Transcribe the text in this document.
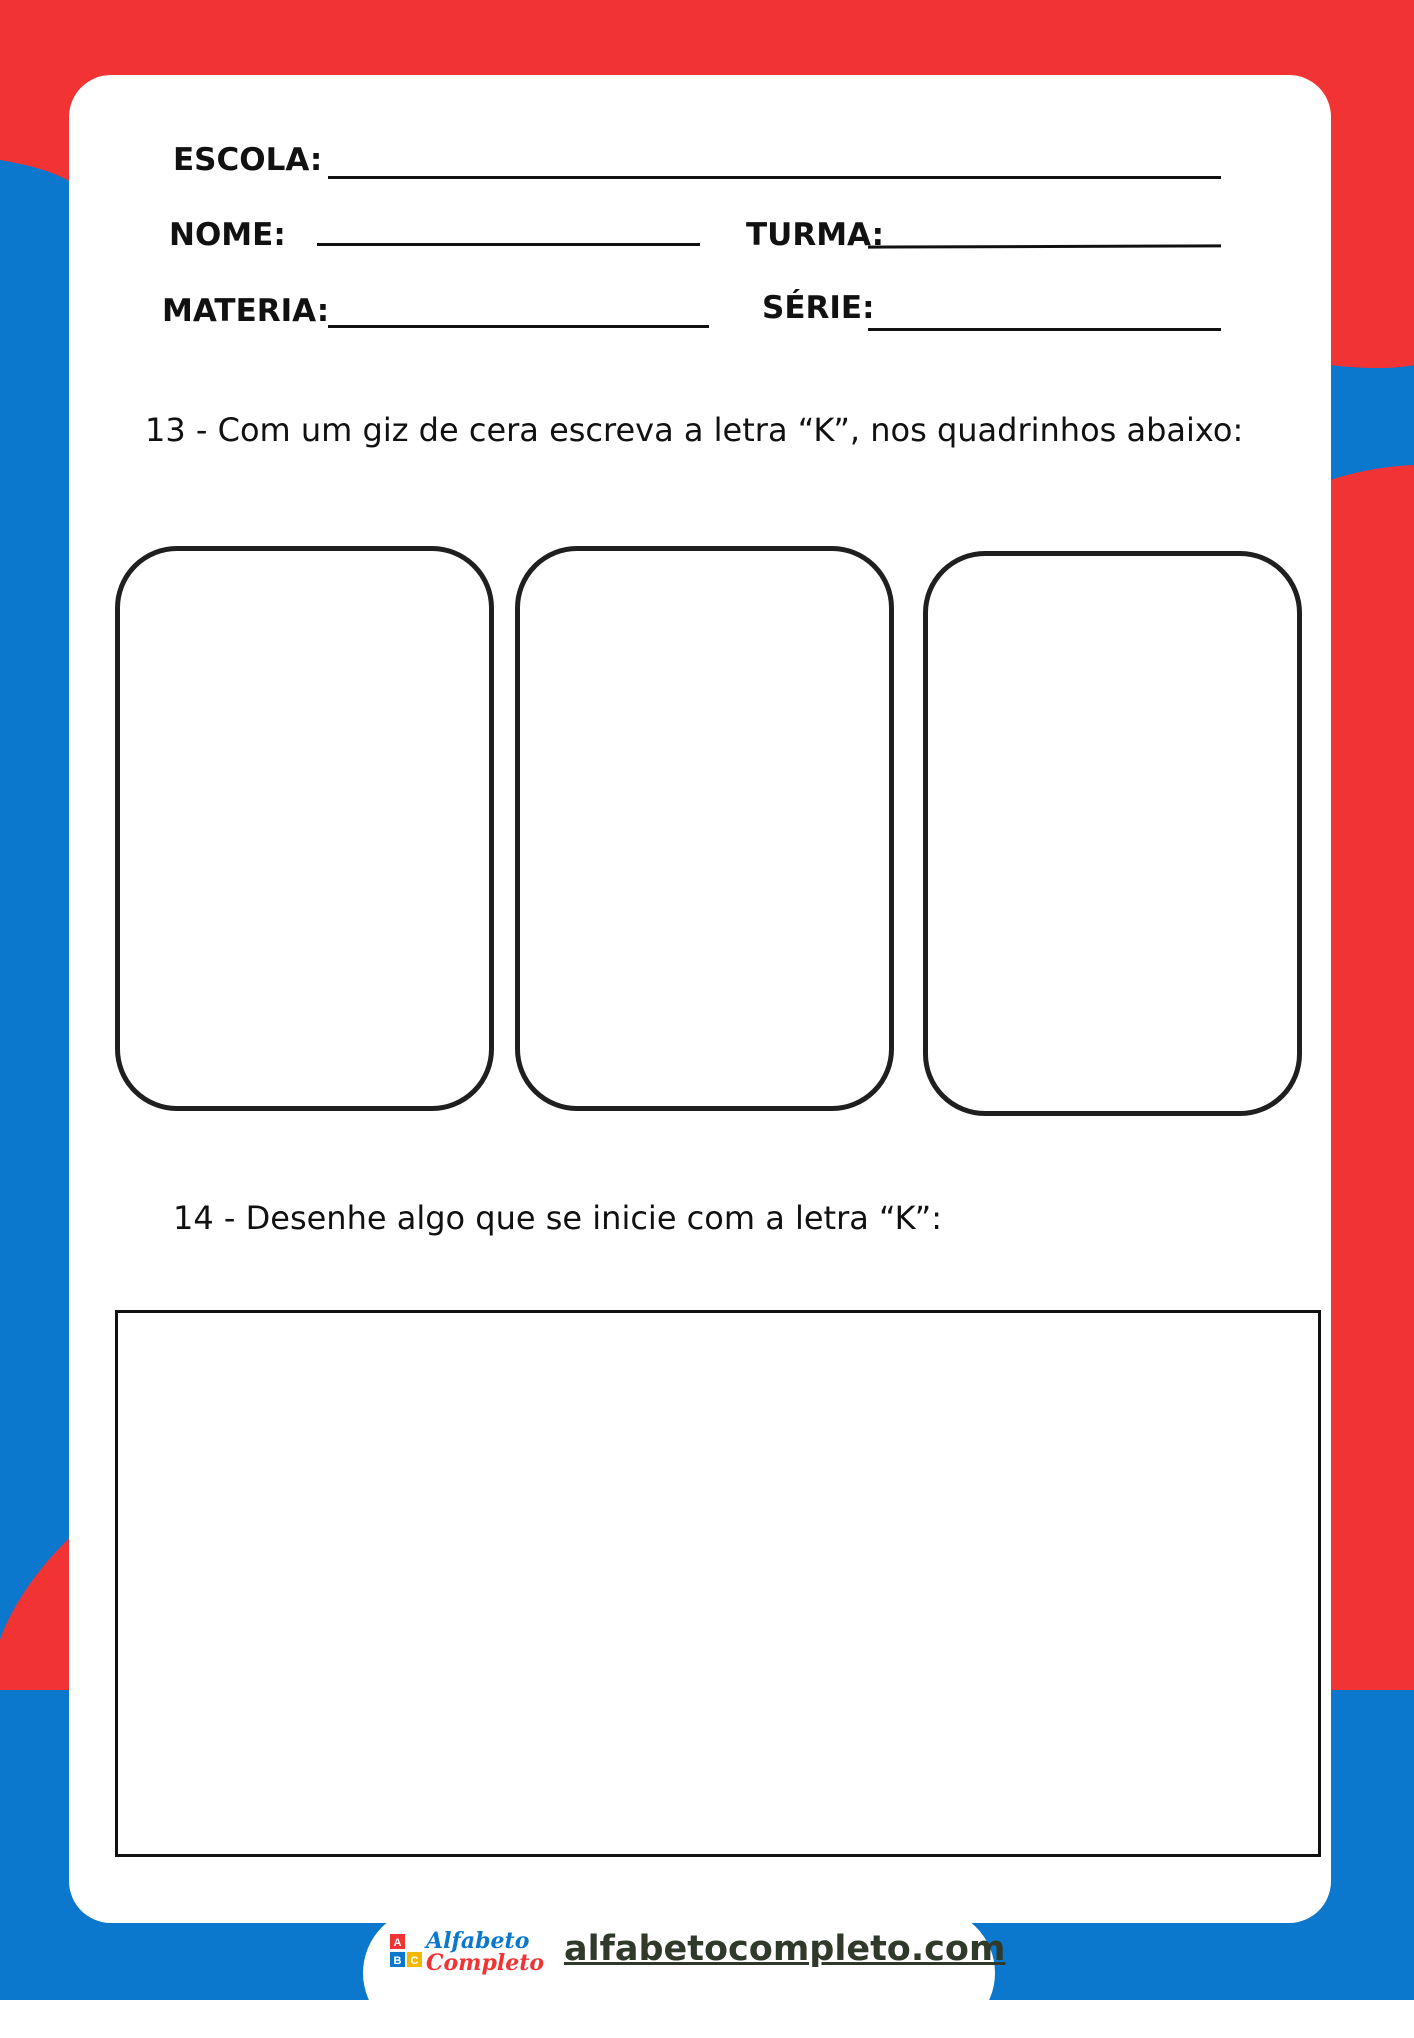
ESCOLA:
NOME:	TURMA:
MATERIA:	SÉRIE:
13 - Com um giz de cera escreva a letra “K”, nos quadrinhos abaixo:
14 - Desenhe algo que se inicie com a letra “K”:
A
B C
Alfabeto
Completo alfabetocompleto.com
